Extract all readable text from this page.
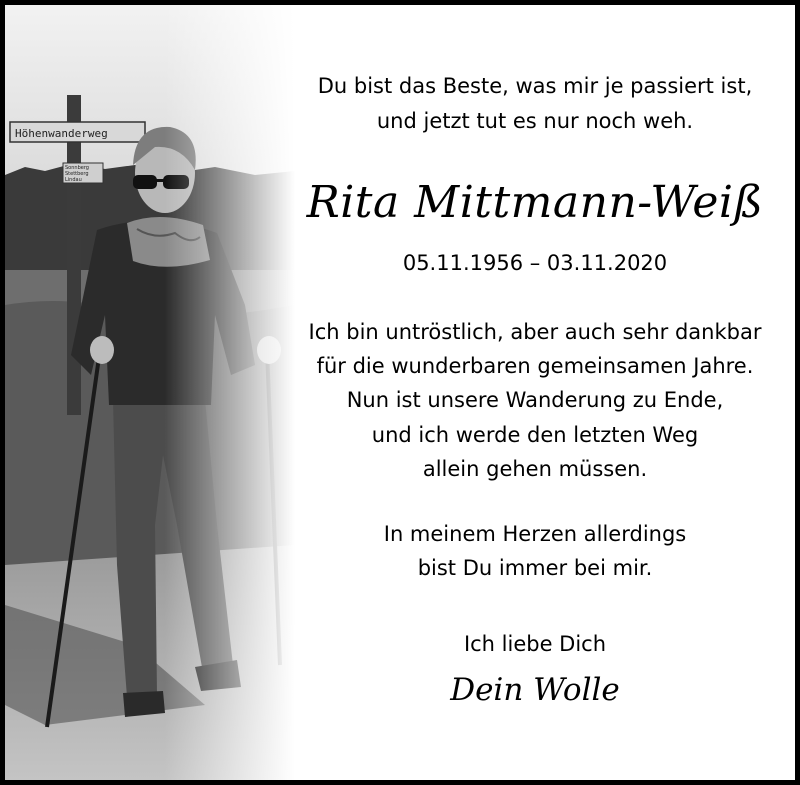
Du bist das Beste, was mir je passiert ist,
und jetzt tut es nur noch weh.
Rita Mittmann-Weiß
05.11.1956 – 03.11.2020
Ich bin untröstlich, aber auch sehr dankbar
für die wunderbaren gemeinsamen Jahre.
Nun ist unsere Wanderung zu Ende,
und ich werde den letzten Weg
allein gehen müssen.
In meinem Herzen allerdings
bist Du immer bei mir.
Ich liebe Dich
Dein Wolle
